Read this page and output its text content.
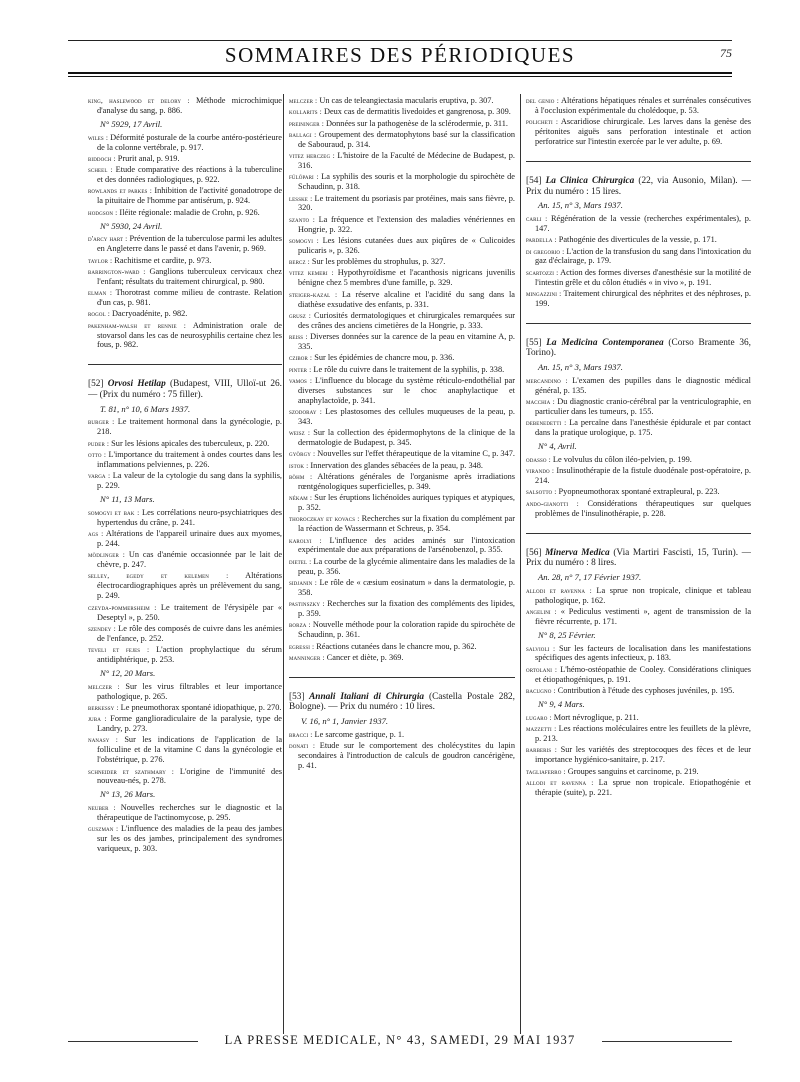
SOMMAIRES DES PÉRIODIQUES	75
king, haslewood et delory : Méthode microchimique d'analyse du sang, p. 886.
N° 5929, 17 Avril.
wiles : Déformité posturale de la courbe antéro-postérieure de la colonne vertébrale, p. 917.
biddoch : Prurit anal, p. 919.
scheel : Etude comparative des réactions à la tuberculine et des données radiologiques, p. 922.
rowlands et parkes : Inhibition de l'activité gonadotrope de la pituitaire de l'homme par antisérum, p. 924.
hodgson : Iléite régionale: maladie de Crohn, p. 926.
N° 5930, 24 Avril.
d'arcy hart : Prévention de la tuberculose parmi les adultes en Angleterre dans le passé et dans l'avenir, p. 969.
taylor : Rachitisme et cardite, p. 973.
barrington-ward : Ganglions tuberculeux cervicaux chez l'enfant; résultats du traitement chirurgical, p. 980.
elman : Thorotrast comme milieu de contraste. Relation d'un cas, p. 981.
rogol : Dacryoadénite, p. 982.
pakenham-walsh et rennie : Administration orale de stovarsol dans les cas de neurosyphilis certaine chez les fous, p. 982.
[52] Orvosi Hetilap (Budapest, VIII, Ulloï-ut 26. — (Prix du numéro : 75 filler).
T. 81, n° 10, 6 Mars 1937.
burger : Le traitement hormonal dans la gynécologie, p. 218.
puder : Sur les lésions apicales des tuberculeux, p. 220.
otto : L'importance du traitement à ondes courtes dans les inflammations pelviennes, p. 226.
varga : La valeur de la cytologie du sang dans la syphilis, p. 229.
N° 11, 13 Mars.
somogyi et bak : Les corrélations neuro-psychiatriques des hypertendus du crâne, p. 241.
ags : Altérations de l'appareil urinaire dues aux myomes, p. 244.
mödlinger : Un cas d'anémie occasionnée par le lait de chèvre, p. 247.
selley, egedy et kelemen : Altérations électrocardiographiques après un prélèvement du sang, p. 249.
czeyda-pommersheim : Le traitement de l'érysipèle par « Deseptyl », p. 250.
szendey : Le rôle des composés de cuivre dans les anémies de l'enfance, p. 252.
teveli et fejes : L'action prophylactique du sérum antidiphtérique, p. 253.
N° 12, 20 Mars.
melczer : Sur les virus filtrables et leur importance pathologique, p. 265.
berkessy : Le pneumothorax spontané idiopathique, p. 270.
juba : Forme ganglioradiculaire de la paralysie, type de Landry, p. 273.
nanasy : Sur les indications de l'application de la folliculine et de la vitamine C dans la gynécologie et l'obstétrique, p. 276.
schneider et szathmary : L'origine de l'immunité des nouveau-nés, p. 278.
N° 13, 26 Mars.
neuber : Nouvelles recherches sur le diagnostic et la thérapeutique de l'actinomycose, p. 295.
guszman : L'influence des maladies de la peau des jambes sur les os des jambes, principalement des syndromes variqueux, p. 303.
melczer : Un cas de teleangiectasia macularis eruptiva, p. 307.
kollarits : Deux cas de dermatitis livedoides et gangrenosa, p. 309.
preininger : Données sur la pathogenèse de la sclérodermie, p. 311.
ballagi : Groupement des dermatophytons basé sur la classification de Sabouraud, p. 314.
vitez herczeg : L'histoire de la Faculté de Médecine de Budapest, p. 316.
fülöpari : La syphilis des souris et la morphologie du spirochète de Schaudinn, p. 318.
lesske : Le traitement du psoriasis par protéines, mais sans fièvre, p. 320.
szanto : La fréquence et l'extension des maladies vénériennes en Hongrie, p. 322.
somogyi : Les lésions cutanées dues aux piqûres de « Culicoides pulicaris », p. 326.
bercz : Sur les problèmes du strophulus, p. 327.
vitez kemeri : Hypothyroïdisme et l'acanthosis nigricans juvenilis bénigne chez 5 membres d'une famille, p. 329.
steiger-kazal : La réserve alcaline et l'acidité du sang dans la diathèse exsudative des enfants, p. 331.
grusz : Curiosités dermatologiques et chirurgicales remarquées sur des crânes des anciens cimetières de la Hongrie, p. 333.
reiss : Diverses données sur la carence de la peau en vitamine A, p. 335.
czibor : Sur les épidémies de chancre mou, p. 336.
pinter : Le rôle du cuivre dans le traitement de la syphilis, p. 338.
vamos : L'influence du blocage du système réticulo-endothélial par diverses substances sur le choc anaphylactique et anaphylactoïde, p. 341.
szodoray : Les plastosomes des cellules muqueuses de la peau, p. 343.
weisz : Sur la collection des épidermophytons de la clinique de la dermatologie de Budapest, p. 345.
györgy : Nouvelles sur l'effet thérapeutique de la vitamine C, p. 347.
istok : Innervation des glandes sébacées de la peau, p. 348.
böhm : Altérations générales de l'organisme après irradiations rœntgénologiques superficielles, p. 349.
nékam : Sur les éruptions lichénoïdes auriques typiques et atypiques, p. 352.
thoroczkay et kovacs : Recherches sur la fixation du complément par la réaction de Wassermann et Schreus, p. 354.
karolyi : L'influence des acides aminés sur l'intoxication expérimentale due aux préparations de l'arsénobenzol, p. 355.
dietel : La courbe de la glycémie alimentaire dans les maladies de la peau, p. 356.
sidjanin : Le rôle de « cæsium eosinatum » dans la dermatologie, p. 358.
pastinszky : Recherches sur la fixation des compléments des lipides, p. 359.
borza : Nouvelle méthode pour la coloration rapide du spirochète de Schaudinn, p. 361.
egressi : Réactions cutanées dans le chancre mou, p. 362.
manninger : Cancer et diète, p. 369.
[53] Annali Italiani di Chirurgia (Castella Postale 282, Bologne). — Prix du numéro : 10 lires.
V. 16, n° 1, Janvier 1937.
bracci : Le sarcome gastrique, p. 1.
donati : Etude sur le comportement des cholécystites du lapin secondaires à l'introduction de calculs de goudron cancérigène, p. 41.
del genio : Altérations hépatiques rénales et surrénales consécutives à l'occlusion expérimentale du cholédoque, p. 53.
policheti : Ascaridiose chirurgicale. Les larves dans la genèse des péritonites aiguës sans perforation intestinale et action perforatrice sur l'intestin exercée par le ver adulte, p. 69.
[54] La Clinica Chirurgica (22, via Ausonio, Milan). — Prix du numéro : 15 lires.
An. 15, n° 3, Mars 1937.
carli : Régénération de la vessie (recherches expérimentales), p. 147.
pardella : Pathogénie des diverticules de la vessie, p. 171.
di gregorio : L'action de la transfusion du sang dans l'intoxication du gaz d'éclairage, p. 179.
scartozzi : Action des formes diverses d'anesthésie sur la motilité de l'intestin grêle et du côlon étudiés « in vivo », p. 191.
mingazzini : Traitement chirurgical des néphrites et des néphroses, p. 199.
[55] La Medicina Contemporanea (Corso Bramente 36, Torino).
An. 15, n° 3, Mars 1937.
mercandino : L'examen des pupilles dans le diagnostic médical général, p. 135.
macchia : Du diagnostic cranio-cérébral par la ventriculographie, en particulier dans les tumeurs, p. 155.
debenedetti : La percaïne dans l'anesthésie épidurale et par contact dans la pratique urologique, p. 175.
N° 4, Avril.
odasso : Le volvulus du côlon iléo-pelvien, p. 199.
virando : Insulinothérapie de la fistule duodénale post-opératoire, p. 214.
salsotto : Pyopneumothorax spontané extrapleural, p. 223.
ando-gianotti : Considérations thérapeutiques sur quelques problèmes de l'insulinothérapie, p. 228.
[56] Minerva Medica (Via Martiri Fascisti, 15, Turin). — Prix du numéro : 8 lires.
An. 28, n° 7, 17 Février 1937.
allodi et ravenna : La sprue non tropicale, clinique et tableau pathologique, p. 162.
angelini : « Pediculus vestimenti », agent de transmission de la fièvre récurrente, p. 171.
N° 8, 25 Février.
salvioli : Sur les facteurs de localisation dans les manifestations spécifiques des agents infectieux, p. 183.
ortolani : L'hémo-ostéopathie de Cooley. Considérations cliniques et étiopathogéniques, p. 191.
bacugno : Contribution à l'étude des cyphoses juvéniles, p. 195.
N° 9, 4 Mars.
lugaro : Mort névroglique, p. 211.
mazzetti : Les réactions moléculaires entre les feuillets de la plèvre, p. 213.
barberis : Sur les variétés des streptocoques des fèces et de leur importance hygiénico-sanitaire, p. 217.
tagliaferro : Groupes sanguins et carcinome, p. 219.
allodi et ravenna : La sprue non tropicale. Etiopathogénie et thérapie (suite), p. 221.
LA PRESSE MEDICALE, N° 43, SAMEDI, 29 MAI 1937
